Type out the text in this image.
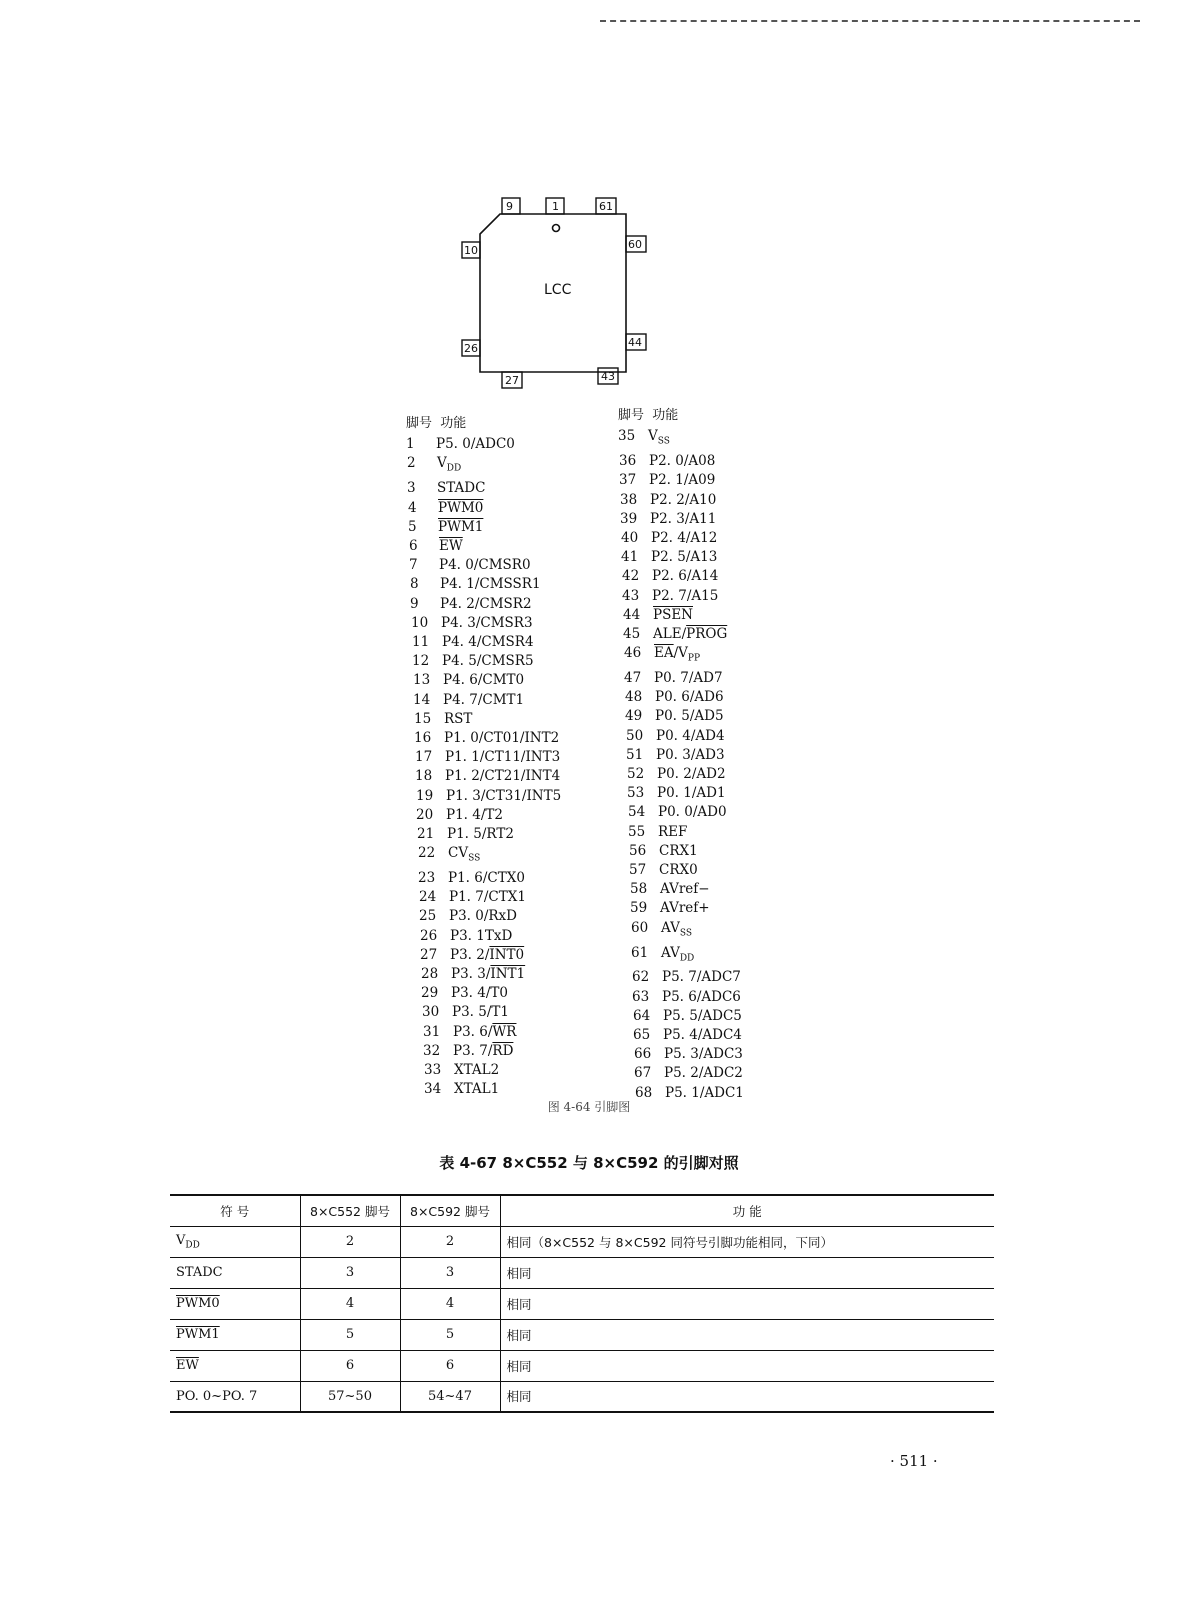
LCC
9	1	61
10	60
26	44
27	43
脚号  功能
1	P5. 0/ADC0
2	$V_{DD}$
3	STADC
4	PWM0
5	PWM1
6	$\overline{EW}$
7	P4. 0/CMSR0
8	P4. 1/CMSSR1
9	P4. 2/CMSR2
10 P4. 3/CMSR3
11 P4. 4/CMSR4
12 P4. 5/CMSR5
13 P4. 6/CMT0
14 P4. 7/CMT1
15 RST
16 P1. 0/CT01/INT2
17 P1. 1/CT11/INT3
18 P1. 2/CT21/INT4
19 P1. 3/CT31/INT5
20 P1. 4/T2
21 P1. 5/RT2
22 $CV_{SS}$
23 P1. 6/CTX0
24 P1. 7/CTX1
25 P3. 0/RxD
26 P3. 1TxD
27 P3. 2/INT0
28 P3. 3/INT1
29 P3. 4/T0
30 P3. 5/T1
31 P3. $6/\overline{WR}$
32 P3. $7/\overline{RD}$
33 XTAL2
34 XTAL1
脚号  功能
35 $V_{SS}$
36 P2. 0/A08
37 P2. 1/A09
38 P2. 2/A10
39 P2. 3/A11
40 P2. 4/A12
41 P2. 5/A13
42 P2. 6/A14
43 P2. 7/A15
44 PSEN
45 ALE/PROG
46 $\overline{EA}/V_{PP}$
47 P0. 7/AD7
48 P0. 6/AD6
49 P0. 5/AD5
50 P0. 4/AD4
51 P0. 3/AD3
52 P0. 2/AD2
53 P0. 1/AD1
54 P0. 0/AD0
55 REF
56 CRX1
57 CRX0
58 AVref−
59 AVref+
60 $AV_{SS}$
61 $AV_{DD}$
62 P5. 7/ADC7
63 P5. 6/ADC6
64 P5. 5/ADC5
65 P5. 4/ADC4
66 P5. 3/ADC3
67 P5. 2/ADC2
68 P5. 1/ADC1
图 4-64 引脚图
表 4-67 8×C552 与 8×C592 的引脚对照
符 号	8×C552 脚号	8×C592 脚号	功 能
$V_{DD}$	2	2	相同（8×C552 与 8×C592 同符号引脚功能相同，下同）
STADC	3	3	相同
PWM0	4	4	相同
PWM1	5	5	相同
$\overline{EW}$	6	6	相同
PO. 0~PO. 7	57~50	54~47	相同
· 511 ·
